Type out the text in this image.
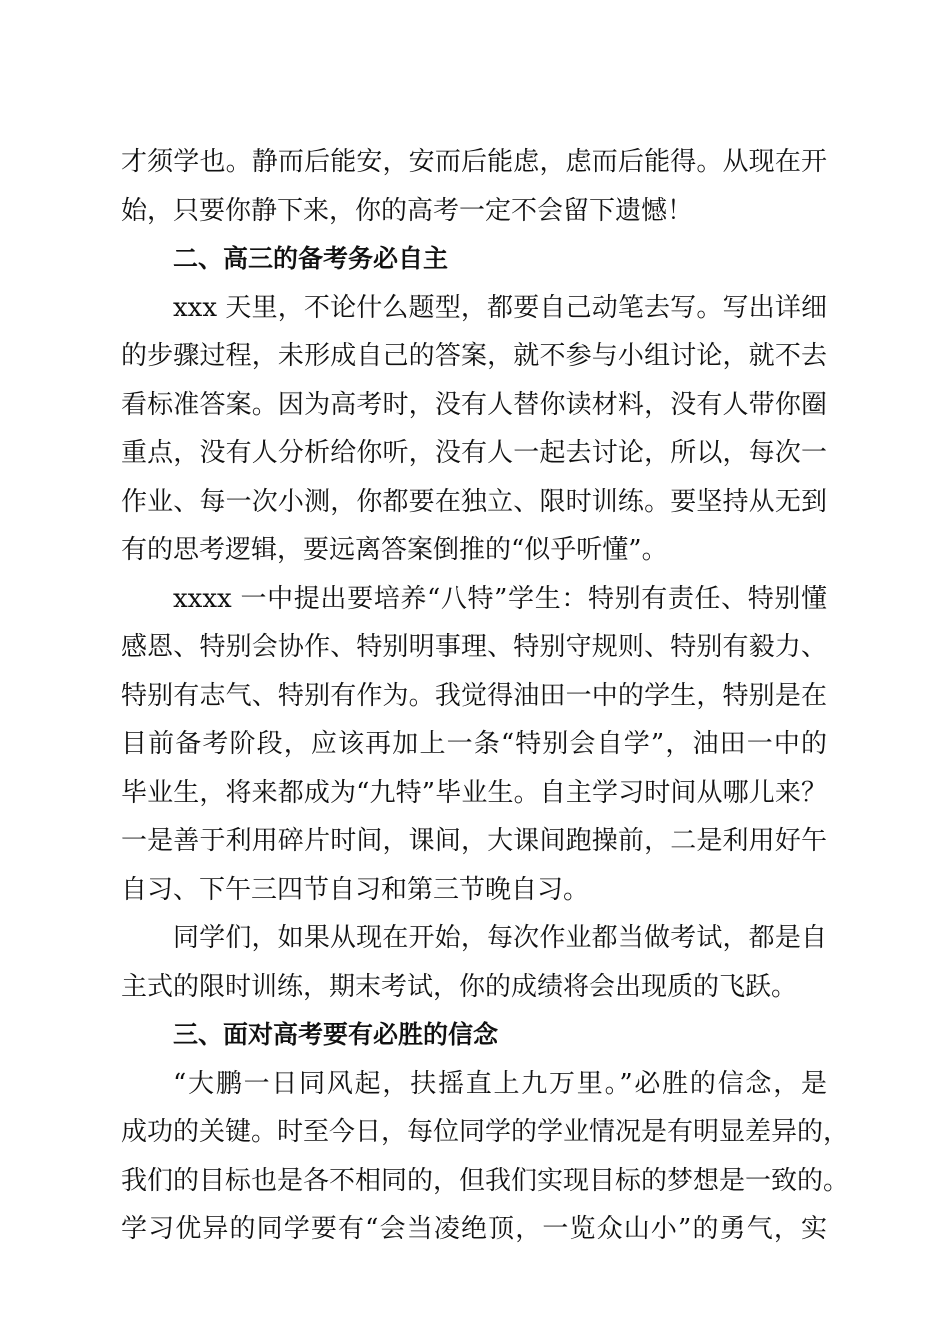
才须学也。静而后能安，安而后能虑，虑而后能得。从现在开
始，只要你静下来，你的高考一定不会留下遗憾！
二、高三的备考务必自主
xxx 天里，不论什么题型，都要自己动笔去写。写出详细
的步骤过程，未形成自己的答案，就不参与小组讨论，就不去
看标准答案。因为高考时，没有人替你读材料，没有人带你圈
重点，没有人分析给你听，没有人一起去讨论，所以，每次一
作业、每一次小测，你都要在独立、限时训练。要坚持从无到
有的思考逻辑，要远离答案倒推的“似乎听懂”。
xxxx 一中提出要培养“八特”学生：特别有责任、特别懂
感恩、特别会协作、特别明事理、特别守规则、特别有毅力、
特别有志气、特别有作为。我觉得油田一中的学生，特别是在
目前备考阶段，应该再加上一条“特别会自学”，油田一中的
毕业生，将来都成为“九特”毕业生。自主学习时间从哪儿来？
一是善于利用碎片时间，课间，大课间跑操前，二是利用好午
自习、下午三四节自习和第三节晚自习。
同学们，如果从现在开始，每次作业都当做考试，都是自
主式的限时训练，期末考试，你的成绩将会出现质的飞跃。
三、面对高考要有必胜的信念
“大鹏一日同风起，扶摇直上九万里。”必胜的信念，是
成功的关键。时至今日，每位同学的学业情况是有明显差异的，
我们的目标也是各不相同的，但我们实现目标的梦想是一致的。
学习优异的同学要有“会当凌绝顶，一览众山小”的勇气，实
